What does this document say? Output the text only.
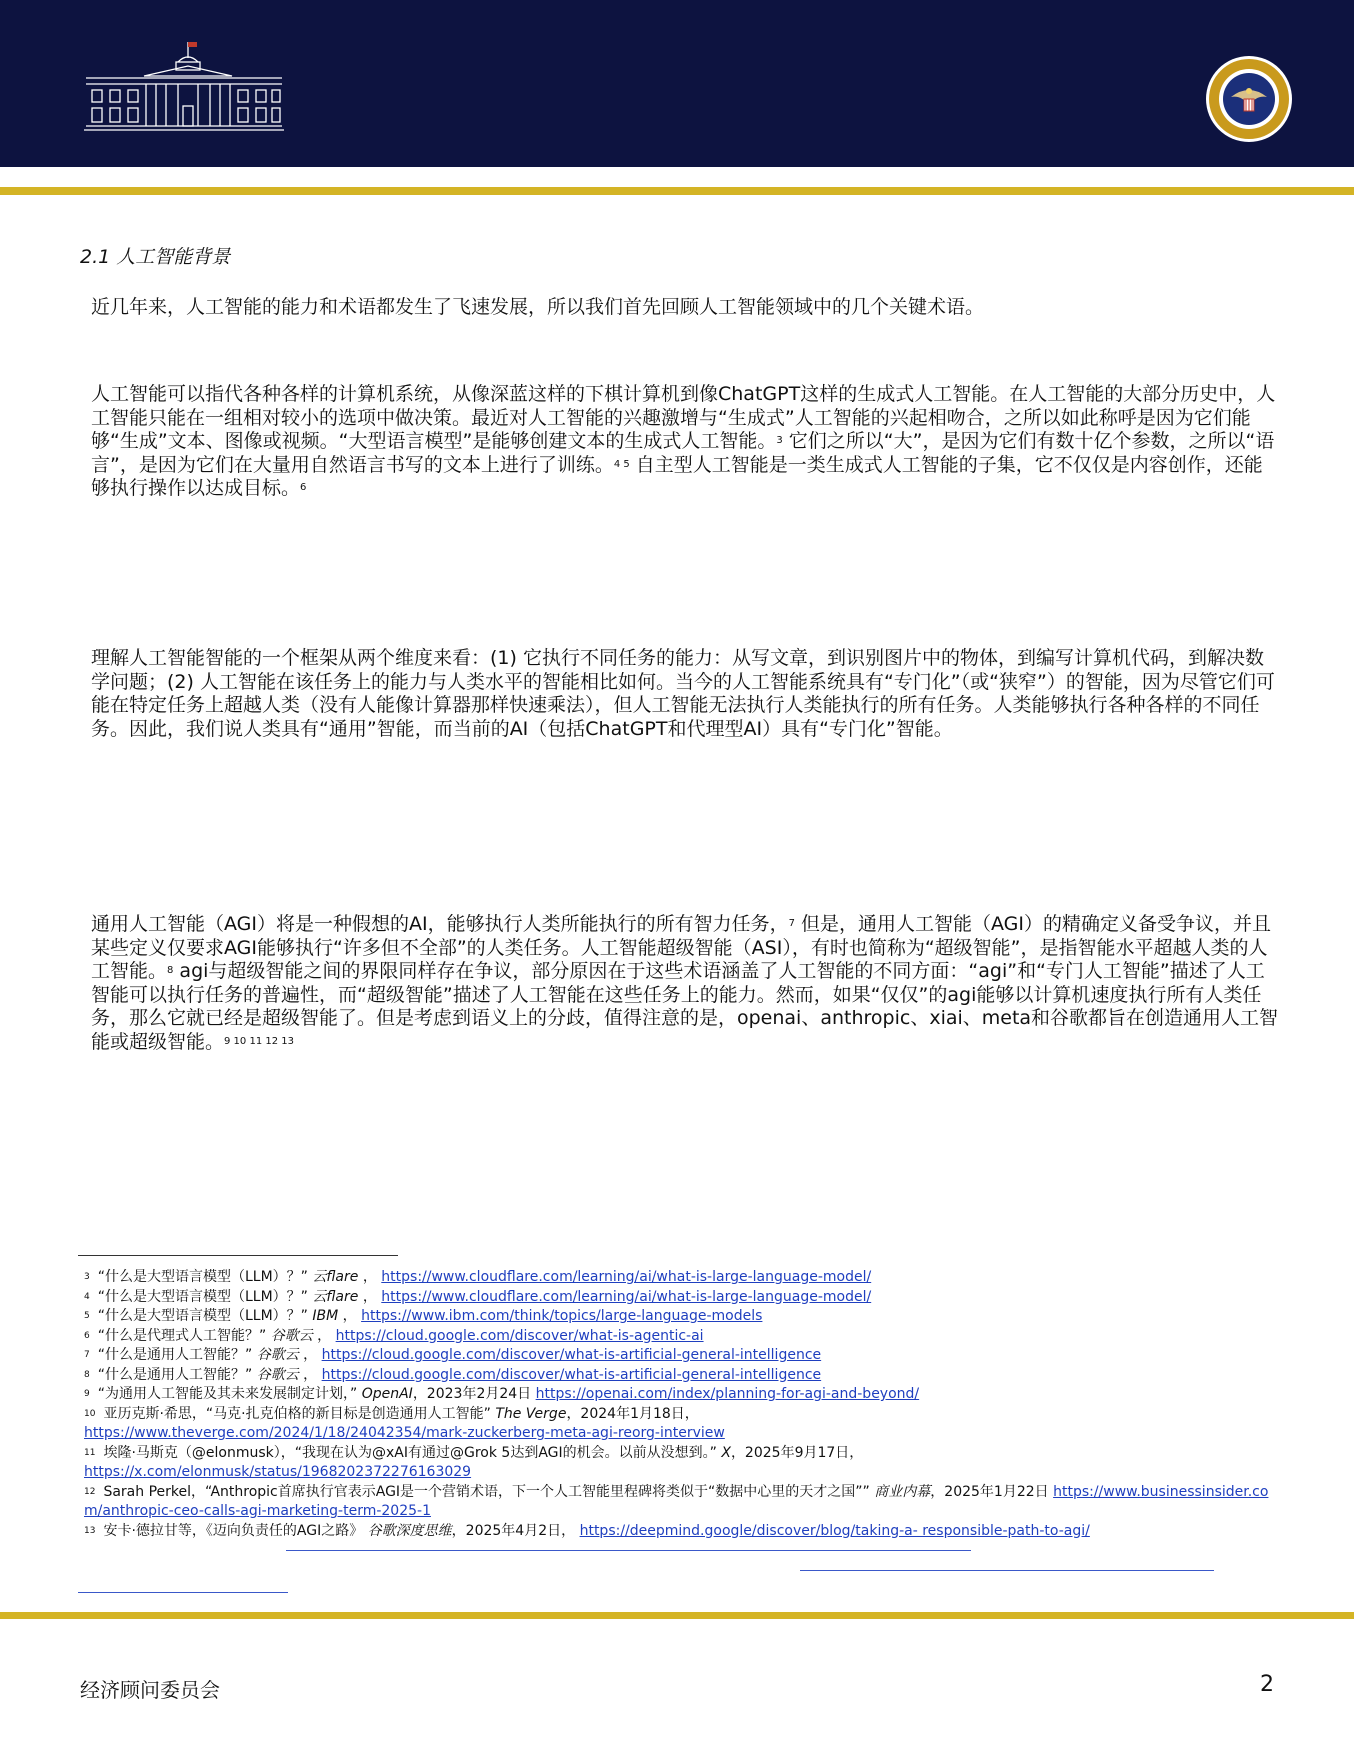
2.1 人工智能背景

近几年来，人工智能的能力和术语都发生了飞速发展，所以我们首先回顾人工智能领域中的几个关键术语。

人工智能可以指代各种各样的计算机系统，从像深蓝这样的下棋计算机到像ChatGPT这样的生成式人工智能。在人工智能的大部分历史中，人工智能只能在一组相对较小的选项中做决策。最近对人工智能的兴趣激增与“生成式”人工智能的兴起相吻合，之所以如此称呼是因为它们能够“生成”文本、图像或视频。“大型语言模型”是能够创建文本的生成式人工智能。$^3$ 它们之所以“大”，是因为它们有数十亿个参数，之所以“语言”，是因为它们在大量用自然语言书写的文本上进行了训练。$^{4 5}$ 自主型人工智能是一类生成式人工智能的子集，它不仅仅是内容创作，还能够执行操作以达成目标。$^6$

理解人工智能智能的一个框架从两个维度来看：(1) 它执行不同任务的能力：从写文章，到识别图片中的物体，到编写计算机代码，到解决数学问题；(2) 人工智能在该任务上的能力与人类水平的智能相比如何。当今的人工智能系统具有“专门化”（或“狭窄”）的智能，因为尽管它们可能在特定任务上超越人类（没有人能像计算器那样快速乘法），但人工智能无法执行人类能执行的所有任务。人类能够执行各种各样的不同任务。因此，我们说人类具有“通用”智能，而当前的AI（包括ChatGPT和代理型AI）具有“专门化”智能。

通用人工智能（AGI）将是一种假想的AI，能够执行人类所能执行的所有智力任务，$^7$ 但是，通用人工智能（AGI）的精确定义备受争议，并且某些定义仅要求AGI能够执行“许多但不全部”的人类任务。人工智能超级智能（ASI），有时也简称为“超级智能”，是指智能水平超越人类的人工智能。$^8$ agi与超级智能之间的界限同样存在争议，部分原因在于这些术语涵盖了人工智能的不同方面：“agi”和“专门人工智能”描述了人工智能可以执行任务的普遍性，而“超级智能”描述了人工智能在这些任务上的能力。然而，如果“仅仅”的agi能够以计算机速度执行所有人类任务，那么它就已经是超级智能了。但是考虑到语义上的分歧，值得注意的是，openai、anthropic、xiai、meta和谷歌都旨在创造通用人工智能或超级智能。$^{9 10 11 12 13}$

$^3$ “什么是大型语言模型（LLM）？” 云flare ， https://www.cloudflare.com/learning/ai/what-is-large-language-model/

$^4$ “什么是大型语言模型（LLM）？” 云flare ， https://www.cloudflare.com/learning/ai/what-is-large-language-model/

$^5$ “什么是大型语言模型（LLM）？” IBM ， https://www.ibm.com/think/topics/large-language-models

$^6$ “什么是代理式人工智能？” 谷歌云 ， https://cloud.google.com/discover/what-is-agentic-ai

$^7$ “什么是通用人工智能？” 谷歌云 ， https://cloud.google.com/discover/what-is-artificial-general-intelligence

$^8$ “什么是通用人工智能？” 谷歌云 ， https://cloud.google.com/discover/what-is-artificial-general-intelligence

$^9$ “为通用人工智能及其未来发展制定计划，” OpenAI，2023年2月24日 https://openai.com/index/planning-for-agi-and-beyond/

$^{10}$ 亚历克斯·希思，“马克·扎克伯格的新目标是创造通用人工智能” The Verge，2024年1月18日，
https://www.theverge.com/2024/1/18/24042354/mark-zuckerberg-meta-agi-reorg-interview

$^{11}$ 埃隆·马斯克（@elonmusk），“我现在认为@xAI有通过@Grok 5达到AGI的机会。以前从没想到。” X，2025年9月17日，
https://x.com/elonmusk/status/1968202372276163029

$^{12}$ Sarah Perkel，“Anthropic首席执行官表示AGI是一个营销术语，下一个人工智能里程碑将类似于“数据中心里的天才之国”” 商业内幕，2025年1月22日 https://www.businessinsider.com/anthropic-ceo-calls-agi-marketing-term-2025-1

$^{13}$ 安卡·德拉甘等，《迈向负责任的AGI之路》 谷歌深度思维，2025年4月2日， https://deepmind.google/discover/blog/taking-a- responsible-path-to-agi/

经济顾问委员会	2
